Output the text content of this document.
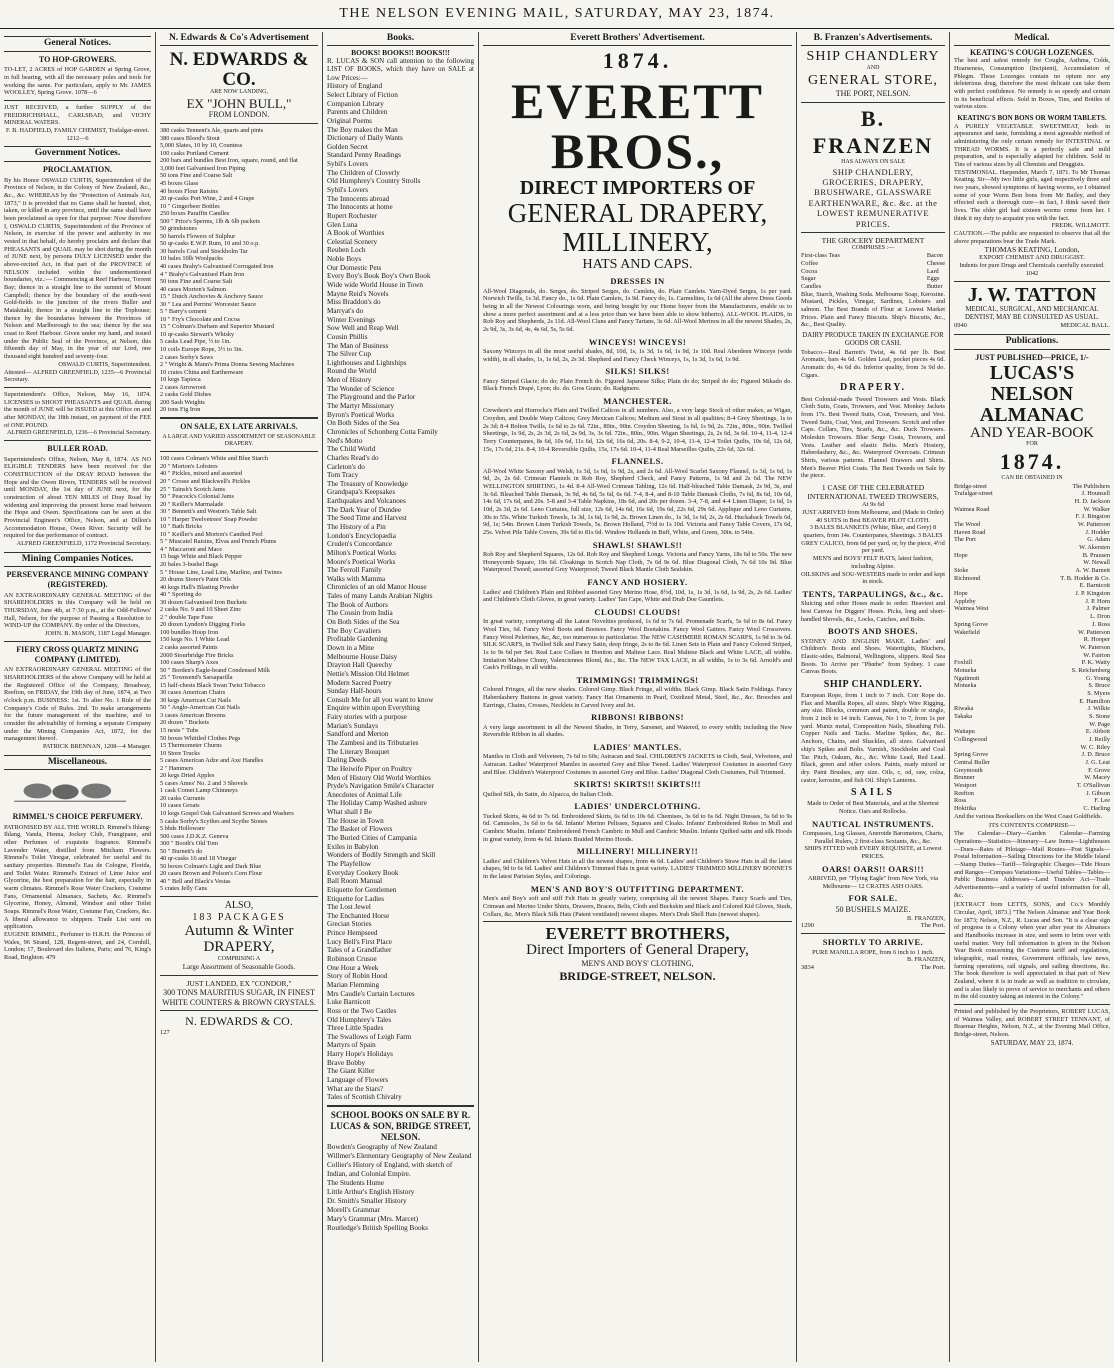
THE NELSON EVENING MAIL, SATURDAY, MAY 23, 1874.
General Notices.
TO HOP-GROWERS.
TO-LET, 2 ACRES of HOP GARDEN at Spring Grove, in full bearing, with all the necessary poles and tools for working the same. For particulars, apply to Mr. JAMES WOOLLEY, Spring Grove. 1078—6
JUST RECEIVED, a further SUPPLY of the FREIDRICHSHALL, CARLSBAD, and VICHY MINERAL WATERS.
F. B. HADFIELD, FAMILY CHEMIST, Trafalgar-street. 1212—6
Government Notices.
PROCLAMATION.
By his Honor OSWALD CURTIS, Superintendent of the Province of Nelson, in the Colony of New Zealand, &c., &c., &c. WHEREAS by the "Protection of Animals Act, 1873," it is provided that no Game shall be hunted, shot, taken, or killed in any province, until the same shall have been proclaimed as open for that purpose: Now therefore I, OSWALD CURTIS, Superintendent of the Province of Nelson, in exercise of the power and authority in me vested in that behalf, do hereby proclaim and declare that PHEASANTS and QUAIL may be shot during the month of JUNE next, by persons DULY LICENSED under the above-recited Act, in that part of the PROVINCE of NELSON included within the undermentioned boundaries, viz.:— Commencing at Reef Harbour, Torrent Bay; thence in a straight line to the summit of Mount Campbell; thence by the boundary of the south-west Gold-fields to the junction of the rivers Buller and Matakitaki; thence in a straight line to the Tophouse; thence by the boundaries between the Provinces of Nelson and Marlborough to the sea; thence by the sea coast to Reef Harbour. Given under my hand, and issued under the Public Seal of the Province, at Nelson, this fifteenth day of May, in the year of our Lord, one thousand eight hundred and seventy-four.
OSWALD CURTIS, Superintendent.
Attested— ALFRED GREENFIELD, 1235—6 Provincial Secretary.
Superintendent's Office, Nelson, May 16, 1874. LICENSES to SHOOT PHEASANTS and QUAIL during the month of JUNE will be ISSUED at this Office on and after MONDAY, the 18th instant, on payment of the FEE of ONE POUND.
ALFRED GREENFIELD, 1236—6 Provincial Secretary.
BULLER ROAD.
Superintendent's Office, Nelson, May 8, 1874. AS NO ELIGIBLE TENDERS have been received for the CONSTRUCTION of the DRAY ROAD between the Hope and the Owen Rivers, TENDERS will be received until MONDAY, the 1st day of JUNE next, for the construction of about TEN MILES of Dray Road by widening and improving the present horse road between the Hope and Owen. Specifications can be seen at the Provincial Engineer's Office, Nelson, and at Dillon's Accommodation House, Owen River. Security will be required for due performance of contract.
ALFRED GREENFIELD, 1172 Provincial Secretary.
Mining Companies Notices.
PERSEVERANCE MINING COMPANY (REGISTERED).
AN EXTRAORDINARY GENERAL MEETING of the SHAREHOLDERS in this Company will be held on THURSDAY, June 4th, at 7·30 p.m., at the Odd-Fellows' Hall, Nelson, for the purpose of Passing a Resolution to WIND-UP the COMPANY. By order of the Directors,
JOHN. B. MASON, 1187 Legal Manager.
FIERY CROSS QUARTZ MINING COMPANY (LIMITED).
AN EXTRAORDINARY GENERAL MEETING of the SHAREHOLDERS of the above Company will be held at the Registered Office of the Company, Broadway, Reefton, on FRIDAY, the 19th day of June, 1874, at Two o'clock p.m. BUSINESS: 1st. To alter No. 1 Rule of the Company's Code of Rules. 2nd. To make arrangements for the future management of the machine, and to consider the advisability of forming a separate Company under the Mining Companies Act, 1872, for the management thereof.
PATRICK BRENNAN, 1208—4 Manager.
Miscellaneous.
RIMMEL'S CHOICE PERFUMERY.
PATRONISED BY ALL THE WORLD. Rimmel's Ihlang-Ihlang, Vanda, Henna, Jockey Club, Frangipane, and other Perfumes of exquisite fragrance. Rimmel's Lavender Water, distilled from Mitcham Flowers. Rimmel's Toilet Vinegar, celebrated for useful and its sanitary properties. Rimmel's Eau de Cologne, Florida, and Toilet Water. Rimmel's Extract of Lime Juice and Glycerine, the best preparation for the hair, especially in warm climates. Rimmel's Rose Water Crackers, Costume Fans, Ornamental Almanacs, Sachets, &c. Rimmel's Glycerine, Honey, Almond, Windsor and other Toilet Soaps. Rimmel's Rose Water, Costume Fan, Crackers, &c. A liberal allowance to shippers. Trade List sent on application.
EUGENE RIMMEL, Perfumer to H.R.H. the Princess of Wales, 96 Strand, 128, Regent-street, and 24, Cornhill, London; 17, Boulevard des Italiens, Paris; and 76, King's Road, Brighton. 479
N. Edwards & Co's Advertisement
N. EDWARDS & CO.
ARE NOW LANDING,
EX "JOHN BULL,"
FROM LONDON.
380 casks Tennent's Ale, quarts and pints
380 cases Blood's Stout
5,000 Slates, 10 by 10, Countess
100 casks Portland Cement
200 bars and bundles Best Iron, square, round, and flat
3,000 feet Galvanised Iron Piping
50 tons Fine and Coarse Salt
45 boxes Glass
40 boxes Flour Raisins
20 qr-casks Port Wine, 2 and 4 Grape
10 " Gingerbeer Bottles
250 boxes Paraffin Candles
500 " Price's Sperms, 1lb & 6lb packets
50 grindstones
50 barrels Flowers of Sulphur
50 qr-casks E.W.P. Rum, 10 and 30 o.p.
30 barrels Coal and Stockholm Tar
10 bales 10lb Woolpacks
40 cases Brahy's Galvanised Corrugated Iron
4 " Brahy's Galvanised Plain Iron
50 tons Fine and Coarse Salt
40 cases Morton's Salmon
15 " Dutch Anchovies & Anchovy Sauce
30 " Lea and Perrins' Worcester Sauce
5 " Barry's cement
10 " Fry's Chocolate and Cocoa
15 " Colman's Durham and Superior Mustard
10 qr-casks Stewart's Whisky
5 casks Lead Pipe, ½ to 1in.
10 coils Europe Rope, 3½ to 3in.
2 cases Sorby's Saws
2 " Wright & Mann's Prima Donna Sewing Machines
10 crates China and Earthenware
10 kegs Tapioca
2 cases Arrowroot
2 casks Gold Dishes
200 Sash Weights
20 tons Fig Iron
ON SALE, EX LATE ARRIVALS.
A LARGE AND VARIED ASSORTMENT OF SEASONABLE DRAPERY.
100 cases Colman's White and Blue Starch
20 " Morton's Lobsters
40 " Pickles, mixed and assorted
20 " Crosse and Blackwell's Pickles
25 " Tainsh's Scotch Jams
50 " Peacock's Colonial Jams
20 " Keiller's Marmalade
30 " Bennett's and Weston's Table Salt
10 " Harper Twelvetrees' Soap Powder
10 " Bath Bricks
10 " Keiller's and Morton's Candied Peel
5 " Muscatel Raisins, Elvas and French Plums
4 " Maccaroni and Mace
15 bags White and Black Pepper
20 bales 3-bushel Bags
5 " House Line, Lead Line, Marline, and Twines
20 drums Storer's Paint Oils
40 kegs Hall's Blasting Powder
40 " Sporting do
30 dozen Galvanised Iron Buckets
2 casks No. 9 and 10 Sheet Zinc
2 " double Tape Fuse
20 dozen Lyndon's Digging Forks
100 bundles Hoop Iron
150 kegs No. 1 White Lead
2 casks assorted Paints
2000 Stourbridge Fire Bricks
100 cases Sharp's Axes
50 " Borden's Eagle-brand Condensed Milk
25 " Townsend's Sarsaparilla
15 half-chests Black Swan Twist Tobacco
30 cases American Chairs
30 kegs American Cut Nails
50 " Anglo-American Cut Nails
3 cases American Brooms
20 dozen " Buckets
15 nests " Tubs
50 boxes Whittled Clothes Pegs
15 Thermometer Churns
10 Store Trucks
5 cases American Adze and Axe Handles
2 " Hammers
20 kegs Dried Apples
5 cases Ames' No. 2 and 3 Shovels
1 cask Comet Lamp Chimneys
20 casks Currants
10 cases Groats
10 kegs Gospel Oak Galvanised Screws and Washers
5 casks Sorby's Scythes and Scythe Stones
5 bbds Holloware
500 cases J.D.K.Z. Geneva
300 " Booth's Old Tom
50 " Burnett's do
40 qr-casks 16 and 18 Vinegar
50 boxes Colman's Light and Dark Blue
20 cases Brown and Polson's Corn Flour
40 " Bell and Black's Vestas
5 crates Jelly Cans
ALSO,
183 PACKAGES
Autumn & Winter DRAPERY,
COMPRISING A
Large Assortment of Seasonable Goods.
JUST LANDED, EX "CONDOR,"
300 TONS MAURITIUS SUGAR, IN FINEST WHITE COUNTERS & BROWN CRYSTALS.
N. EDWARDS & CO.
127
Books.
BOOKS! BOOKS!! BOOKS!!!
R. LUCAS & SON call attention to the following LIST OF BOOKS, which they have on SALE at Low Prices:—
History of England
Select Library of Fiction
Companion Library
Parents and Children
Original Poems
The Boy makes the Man
Dictionary of Daily Wants
Golden Secret
Standard Penny Readings
Sybil's Lovers
The Children of Cloverly
Old Humphrey's Country Strolls
Sybil's Lovers
The Innocents abroad
The Innocents at home
Rupert Rochester
Glen Luna
A Book of Worthies
Celestial Scenery
Reuben Loch
Noble Boys
Our Domestic Pets
Every Boy's Book Boy's Own Book
Wide wide World House in Town
Mayne Reid's Novels
Miss Braddon's do
Marryat's do
Winter Evenings
Sow Well and Reap Well
Cousin Phillis
The Man of Business
The Silver Cup
Lighthouses and Lightships
Round the World
Men of History
The Wonder of Science
The Playground and the Parlor
The Martyr Missionary
Byron's Poetical Works
On Both Sides of the Sea
Chronicles of Schonberg Cotta Family
Ned's Motto
The Child World
Charles Read's do
Carleton's do
Tom Tracy
The Treasury of Knowledge
Grandpapa's Keepsakes
Earthquakes and Volcanoes
The Dark Year of Dundee
The Seed Time and Harvest
The History of a Pin
London's Encyclopædia
Cruden's Concordance
Milton's Poetical Works
Moore's Poetical Works
The Ferroll Family
Walks with Mamma
Chronicles of an old Manor House
Tales of many Lands Arabian Nights
The Book of Authors
The Cousin from India
On Both Sides of the Sea
The Boy Cavaliers
Profitable Gardening
Down in a Mine
Melbourne House Daisy
Drayton Hall Queechy
Nettie's Mission Old Helmet
Modern Sacred Poetry
Sunday Half-hours
Consult Me for all you want to know
Enquire within upon Everything
Fairy stories with a purpose
Marian's Sundays
Sandford and Merton
The Zambesi and its Tributaries
The Literary Bouquet
Daring Deeds
The Heiwife Piper on Poultry
Men of History Old World Worthies
Pryde's Navigation Smile's Character
Anecdotes of Animal Life
The Holiday Camp Washed ashore
What shall I Be
The House in Town
The Basket of Flowers
The Buried Cities of Campania
Exiles in Babylon
Wonders of Bodily Strength and Skill
The Playfellow
Everyday Cookery Book
Ball Room Manual
Etiquette for Gentlemen
Etiquette for Ladies
The Lost Jewel
The Enchanted Horse
Grecian Stories
Prince Hempseed
Lucy Bell's First Place
Tales of a Grandfather
Robinson Crusoe
One Hour a Week
Story of Robin Hood
Marian Flemming
Mrs Caudle's Curtain Lectures
Luke Barnicott
Ross or the Two Castles
Old Humphrey's Tales
Three Little Spades
The Swallows of Leigh Farm
Martyrs of Spain
Harry Hope's Holidays
Brave Bobby
The Giant Killer
Language of Flowers
What are the Stars?
Tales of Scottish Chivalry
SCHOOL BOOKS ON SALE BY R. LUCAS & SON, BRIDGE STREET, NELSON.
Bowden's Geography of New Zealand
Willmer's Elementary Geography of New Zealand
Collier's History of England, with sketch of Indian, and Colonial Empire.
The Students Hume
Little Arthur's English History
Dr. Smith's Smaller History
Morell's Grammar
Mary's Grammar (Mrs. Marcet)
Routledge's British Spelling Books
Everett Brothers' Advertisement.
1874.
EVERETT BROS.,
DIRECT IMPORTERS OF
GENERAL DRAPERY, MILLINERY,
HATS AND CAPS.
DRESSES IN
All-Wool Diagonals, do. Serges, do. Striped Serges, do. Camlets, do. Plain Camlets. Yarn-Dyed Serges, 1s per yard. Norwich Twills, 1s 3d. Fancy do., 1s 6d. Plain Camlets, 1s 9d. Fancy do, 1s. Carmelites, 1s 6d (All the above Dress Goods being in all the Newest Colourings worn, and being bought by our Home buyer from the Manufacturers, enable us to show a more perfect assortment and at a less price than we have been able to show hitherto). ALL-WOOL PLAIDS, in Rob Roy and Shepherds, 2s 11d. All-Wool Clans and Fancy Tartans, 3s 6d. All-Wool Merinos in all the newest Shades, 2s, 2s 9d, 3s, 3s 6d, 4s, 4s 6d, 5s, 5s 6d.
WINCEYS! WINCEYS!
Saxony Winceys in all the most useful shades, 8d, 10d, 1s, 1s 3d, 1s 6d, 1s 9d, 1s 10d. Real Aberdeen Winceys (wide width), in all shades, 1s, 1s 6d, 2s, 2s 3d. Shepherd and Fancy Check Winceys, 1s, 1s 3d, 1s 6d, 1s 9d.
SILKS! SILKS!
Fancy Striped Glacie; do do; Plain French do. Figured Japanese Silks; Plain do do; Striped do do; Figured Mikado do. Black French Drapé, Lyon; do. do. Gros Grain; do. Radgmere.
MANCHESTER.
Crewdson's and Horrocks's Plain and Twilled Calicos in all numbers. Also, a very large Stock of other makes, as Wigan, Croydon, and Double Warp Calicos; Grey Mexican Calicos; Medium and Stout in all qualities; 8-4 Grey Sheetings, 1s to 2s 3d; 8-4 Bolton Twills, 1s 6d to 2s 6d. 72in., 80in., 90in. Croydon Sheeting, 1s 6d, 1s 9d, 2s. 72in., 80in., 90in. Twilled Sheetings, 1s 9d, 2s, 2s 3d, 2s 6d, 2s 9d, 3s, 3s 6d. 72in., 80in., 90in. Wigan Sheetings, 2s, 2s 6d, 3s 6d. 10-4, 11-4, 12-4 Terry Counterpanes, 8s 6d, 10s 6d, 11s 6d, 12s 6d, 16s 6d, 20s. 8-4, 9-2, 10-4, 11-4, 12-4 Toilet Quilts, 10s 6d, 12s 6d, 15s, 17s 6d, 21s. 8-4, 10-4 Reversible Quilts, 15s, 17s 6d. 10-4, 11-4 Real Marseilles Quilts, 22s 6d, 32s 6d.
FLANNELS.
All-Wool White Saxony and Welsh, 1s 3d, 1s 6d, 1s 9d, 2s, and 2s 6d. All-Wool Scarlet Saxony Flannel, 1s 3d, 1s 6d, 1s 9d, 2s, 2s 6d. Crimean Flannels in Rob Roy, Shepherd Check, and Fancy Patterns, 1s 9d and 2s 6d. The NEW WELLINGTON SHIRTING, 1s 4d. 8-4 All-Wool Crimean Tabling, 12s 6d. Half-bleached Table Damask, 2s 9d, 3s, and 3s 6d. Bleached Table Damask, 3s 9d, 4s 6d, 5s 6d, 6s 6d. 7-4, 8-4, and 8-10 Table Damask Cloths, 7s 6d, 8s 6d, 10s 6d, 14s 6d, 17s 6d, and 20s. 5-8 and 3-4 Table Napkins, 18s 6d, and 20s per dozen. 3-4, 7-8, and 4-4 Linen Diaper, 1s 6d, 1s 10d, 2s 3d, 2s 6d. Leno Curtains, full size, 12s 6d, 14s 6d, 16s 6d, 19s 6d, 22s 6d, 29s 6d. Applique and Leno Curtains, 30s to 55s. White Turkish Towels, 1s 3d, 1s 6d, 1s 9d, 2s. Brown Linen do., 1s 3d, 1s 6d, 2s, 2s 6d. Huckaback Towels 6d, 9d, 1s; 54in. Brown Linen Turkish Towels, 5s. Brown Holland, 7½d to 1s 10d. Victoria and Fancy Table Covers, 17s 6d, 25s. Velvet Pile Table Covers, 39s 6d to 81s 6d. Window Hollands in Buff, White, and Green, 30in. to 54in.
SHAWLS! SHAWLS!!
Rob Roy and Shepherd Squares, 12s 6d. Rob Roy and Shepherd Longs. Victoria and Fancy Yarns, 18s 6d to 50s. The new Honeycomb Square, 19s 6d. Cloakings in Scotch Nap Cloth, 7s 6d 9s 6d. Blue Diagonal Cloth, 7s 6d 10s 9d. Blue Waterproof Tweed; assorted Grey Waterproof; Tweed Black Mantle Cloth Sealskin.
FANCY AND HOSIERY.
Ladies' and Children's Plain and Ribbed assorted Grey Merino Hose, 8½d, 10d, 1s, 1s 3d, 1s 6d, 1s 9d, 2s, 2s 6d. Ladies' and Children's Cloth Gloves, in great variety. Ladies' Tan Cape, White and Drab Doe Gauntlets.
CLOUDS! CLOUDS!
In great variety, comprising all the Latest Novelties produced, 1s 6d to 7s 6d. Promenade Scarfs, 5s 6d to 8s 6d. Fancy Wool Ties, 6d. Fancy Wool Boots and Bootees. Fancy Wool Bootakins. Fancy Wool Gaiters. Fancy Wool Crossovers. Fancy Wool Pelerines, &c, &c, too numerous to particularise. The NEW CASHMERE ROMAN SCARFS, 1s 9d to 3s 6d. SILK SCARFS, in Twilled Silk and Fancy Satin, deep fringe, 2s to 8s 6d. Linen Sets in Plain and Fancy Colored Striped, 1s to 9s 6d per Set. Real Lace Collars in Honiton and Maltese Lace. Real Maltese Black and White LACE, all widths. Imitation Maltese Chuny, Valenciennes Blond, &c., &c. The NEW TAX LACE, in all widths, 1s to 3s 6d. Arnold's and Cash's Frillings, in all widths.
TRIMMINGS! TRIMMINGS!
Colored Fringes, all the new shades. Colored Gimp. Black Fringe, all widths. Black Gimp. Black Satin Foldings. Fancy Haberdashery Buttons in great variety. Fancy Hat Ornaments in Pearl, Oxidized Metal, Steel, &c., &c. Brooches and Earrings, Chains, Crosses, Necklets in Carved Ivory and Jet.
RIBBONS! RIBBONS!
A very large assortment in all the Newest Shades, in Terry, Sarsenet, and Watered, to every width; including the New Reversible Ribbon in all shades.
LADIES' MANTLES.
Mantles in Cloth and Velveteen, 7s 6d to 60s; Astracan and Seal. CHILDREN'S JACKETS in Cloth, Seal, Velveteen, and Astracan. Ladies' Waterproof Mantles in assorted Grey and Blue Tweed. Ladies' Waterproof Costumes in assorted Grey and Blue. Children's Waterproof Costumes in assorted Grey and Blue. Ladies' Diagonal Cloth Costumes, Full Trimmed.
SKIRTS! SKIRTS!! SKIRTS!!!
Quilted Silk, do Satin, do Alpacca, do Italian Cloth.
LADIES' UNDERCLOTHING.
Tucked Skirts, 4s 6d to 7s 6d. Embroidered Skirts, 6s 6d to 10s 6d. Chemises, 3s 6d to 6s 6d. Night Dresses, 5s 6d to 9s 6d. Camisoles, 3s 6d to 6s 6d. Infants' Merino Pelisses, Squares and Cloaks. Infants' Embroidered Robes in Mull and Cambric Muslin. Infants' Embroidered French Cambric in Mull and Cambric Muslin. Infants Quilted satin and silk Hoods in great variety, from 4s 6d. Infants Braided Merino Hoods.
MILLINERY! MILLINERY!!
Ladies' and Children's Velvet Hats in all the newest shapes, from 4s 6d. Ladies' and Children's Straw Hats in all the latest shapes, 9d to 6s 6d. Ladies' and Children's Trimmed Hats in great variety. LADIES' TRIMMED MILLINERY BONNETS in the latest Parisian Styles, and Colorings.
MEN'S AND BOY'S OUTFITTING DEPARTMENT.
Men's and Boy's soft and stiff Felt Hats in greatly variety, comprising all the newest Shapes. Fancy Scarfs and Ties, Crimean and Merino Under Shirts, Drawers, Braces, Belts, Cloth and Buckskin and Black and Colored Kid Gloves, Studs, Collars, &c. Men's Black Silk Hats (Patent ventilated) newest shapes. Men's Drab Shell Hats (newest shapes).
EVERETT BROTHERS,
Direct Importers of General Drapery,
MEN'S AND BOYS' CLOTHING,
BRIDGE-STREET, NELSON.
B. Franzen's Advertisements.
SHIP CHANDLERY
AND
GENERAL STORE,
THE PORT, NELSON.
B. FRANZEN
HAS ALWAYS ON SALE
SHIP CHANDLERY,
GROCERIES, DRAPERY,
BRUSHWARE, GLASSWARE
EARTHENWARE, &c. &c. at the
LOWEST REMUNERATIVE PRICES.
THE GROCERY DEPARTMENT
COMPRISES :—
First-class Teas
Coffee
Cocoa
Sugar
Candles
Bacon
Cheese
Lard
Eggs
Butter
Blue, Starch, Washing Soda. Melbourne Soap, Kerosine. Mustard, Pickles, Vinegar, Sardines, Lobsters and salmon. The Best Brands of Flour at Lowest Market Prices. Plain and Fancy Biscuits. Ship's Biscuits, &c., &c., Best Quality.
DAIRY PRODUCE TAKEN IN EXCHANGE FOR GOODS OR CASH.
Tobacco—Real Barrett's Twist, 4s 6d per lb. Best Aromatic, bars 4s 6d. Golden Leaf, pocket pieces 4s 6d. Aromatic do, 4s 6d do. Inferior quality, from 3s 9d do. Cigars.
DRAPERY.
Best Colonial-made Tweed Trowsers and Vests. Black Cloth Suits, Coats, Trowsers, and Vest. Monkey Jackets from 17s. Best Tweed Suits, Coat, Trowsers, and Vest. Tweed Suits, Coat, Vest, and Trowsers. Scotch and other Caps. Collars, Ties, Scarfs, &c., &c. Duck Trowsers. Moleskin Trowsers. Blue Serge Coats, Trowsers, and Vests. Leather and elastic Belts. Men's Hosiery, Haberdashery, &c., &c. Waterproof Overcoats. Crimean Shirts, various patterns. Flannel Drawers and Shirts. Men's Beaver Pilot Coats. The Best Tweeds on Sale by the piece.
1 CASE OF THE CELEBRATED INTERNATIONAL TWEED TROWSERS,
At 9s 6d
JUST ARRIVED from Melbourne, and (Made to Order) 40 SUITS in Best BEAVER PILOT CLOTH.
3 BALES BLANKETS (White, Blue, and Grey) 8 quarters, from 14s. Counterpanes, Sheetings. 3 BALES GREY CALICO, from 6d per yard, or, by the piece, 4½d per yard.
MEN'S and BOYS' FELT HATS, latest fashion, including Alpine.
OILSKINS and SOU-WESTERS made to order and kept in stock.
TENTS, TARPAULINGS, &c., &c.
Sluicing and other Hoses made to order. Heaviest and best Canvas for Diggers' Hoses. Picks, long and short-handled Shovels, &c., Locks, Catches, and Bolts.
BOOTS AND SHOES.
SYDNEY AND ENGLISH MAKE. Ladies' and Children's Boots and Shoes. Watertights, Bluchers, Elastic-sides, Balmoral, Wellingtons, slippers. Real Sea Boots. To Arrive per "Phœbe" from Sydney. 1 case Canvas Boots.
SHIP CHANDLERY.
European Rope, from 1 inch to 7 inch. Coir Rope do. Flax and Manilla Ropes, all sizes. Ship's Wire Rigging, any size. Blocks, common and patent, double or single, from 2 inch to 14 inch. Canvas, No 1 to 7, from 1s per yard. Muntz metal, Composition Nails, Sheathing Felt. Copper Nails and Tacks. Marline Spikes, &c, &c. Anchors, Chains, and Shackles, all sizes. Galvanised ship's Spikes and Bolts. Varnish, Stockholm and Coal Tar. Pitch, Oakum, &c., &c. White Lead, Red Lead. Black, green and other colors. Paints, ready mixed or dry. Paint Brushes, any size. Oils, c, od, raw, colza, castor, kerosine, and fish Oil. Ship's Lanterns.
SAILS
Made to Order of Best Materials, and at the Shortest Notice. Oars and Rollocks.
NAUTICAL INSTRUMENTS.
Compasses, Log Glasses, Aneroide Barometers, Charts, Parallel Rulers, 2 first-class Sextants, &c., &c.
SHIPS FITTED with EVERY REQUISITE, at Lowest PRICES.
OARS! OARS!! OARS!!!
ARRIVED, per "Flying Eagle" from New York, via Melbourne— 12 CRATES ASH OARS.
FOR SALE.
50 BUSHELS MAIZE.
B. FRANZEN,
1290	The Port.
SHORTLY TO ARRIVE.
PURE MANILLA ROPE, from 6 inch to 1 inch.
B. FRANZEN,
3834	The Port.
Medical.
KEATING'S COUGH LOZENGES.
The best and safest remedy for Coughs, Asthma, Colds, Hoarseness, Consumption (Incipient), Accumulation of Phlegm. These Lozenges contain no opium nor any deleterious drug, therefore the most delicate can take them with perfect confidence. No remedy is so speedy and certain in its beneficial effects. Sold in Boxes, Tins, and Bottles of various sizes.
KEATING'S BON BONS OR WORM TABLETS.
A PURELY VEGETABLE SWEETMEAT, both in appearance and taste, furnishing a most agreeable method of administering the only certain remedy for INTESTINAL or THREAD WORMS. It is a perfectly safe and mild preparation, and is especially adapted for children. Sold in Tins of various sizes by all Chemists and Druggists.
TESTIMONIAL. Harpenden, March 7, 1871. To Mr Thomas Keating. Sir—My two little girls, aged respectively three and two years, showed symptoms of having worms, so I obtained some of your Worm Bon bons from Mr Bailey, and they effected such a thorough cure—in fact, I think saved their lives. The elder girl had sixteen worms come from her. I think it my duty to acquaint you with the fact.
FREDK. WILLMOTT.
CAUTION.—The public are requested to observe that all the above preparations bear the Trade Mark.
THOMAS KEATING, London,
EXPORT CHEMIST AND DRUGGIST.
Indents for pure Drugs and Chemicals carefully executed. 1042
J. W. TATTON
MEDICAL, SURGICAL, AND MECHANICAL DENTIST, MAY BE CONSULTED AS USUAL.
0940	MEDICAL BALL.
Publications.
JUST PUBLISHED—PRICE, 1/-
LUCAS'S NELSON ALMANAC
AND YEAR-BOOK
FOR
1874.
CAN BE OBTAINED IN
Bridge-street	The Publishers
Trafalgar-street	J. Hounsell
H. D. Jackson
Waimea Road	W. Walker
F. J. Bingston
The Wood	W. Patterson
Haven Road	J. Hodder
The Port	G. Adam
W. Akersten
Hope	B. Prausen
W. Newall
Stoke	A. W. Barnett
Richmond	T. B. Hodder & Co.
E. Barnicott
Hope	J. P. Kingston
Appleby	J. P. Horn
Waimea West	J. Palmer
L. Dron
Spring Grove	J. Ross
Wakefield	W. Patterson
R. Hooper
W. Paterson
W. Fairton
Foxhill	P. K. Watty
Motueka	S. Reichenberg
Ngatimoti	G. Young
Motueka	S. Bruce
S. Myers
E. Hamilton
Riwaka	J. Wilkie
Takaka	S. Stone
W. Page
Waitapu	E. Abbott
Collingwood	J. Reilly
W. C. Riley
Spring Grove	J. D. Bruce
Central Buller	J. G. Leat
Greymouth	F. Grove
Brunner	W. Macey
Westport	T. O'Sullivan
Reefton	J. Gibson
Ross	F. Lee
Hokitika	C. Harling
And the various Booksellers on the West Coast Goldfields.
ITS CONTENTS COMPRISE—
The Calendar—Diary—Garden Calendar—Farming Operations—Statistics—Itinerary—Law Items—Lighthouses—Dues—Rates of Pilotage—Mail Routes—Post Signals—Postal Information—Sailing Directions for the Middle Island—Stamp Duties—Tariff—Telegraphic Charges—Tide Hours and Ranges—Compass Variations—Useful Tables—Tables—Public Business Addresses—Land Transfer Act—Trade Advertisements—and a variety of useful information for all, &c.
[EXTRACT from LETTS, SONS, and Co.'s Monthly Circular, April, 1873.] "The Nelson Almanac and Year Book for 1873; Nelson, N.Z., R. Lucas and Son. "It is a clear sign of progress in a Colony when year after year its Almanacs and Handbooks increase in size, and seem to brim over with useful matter. Very full information is given in the Nelson Year Book concerning the Customs tariff and regulations, telegraphic, mail routes, Government officials, law news, farming operations, rail signals, and sailing directions, &c. The book therefore is well appreciated in that part of New Zealand, where it is in trade as well as tradition to circulate, and is also likely to prove of service to merchants and others in the old country taking an interest in the Colony."
Printed and published by the Proprietors, ROBERT LUCAS, of Waimea Valley, and ROBERT STREET TENNANT, of Braemar Heights, Nelson, N.Z., at the Evening Mail Office, Bridge-street, Nelson.
SATURDAY, MAY 23, 1874.
